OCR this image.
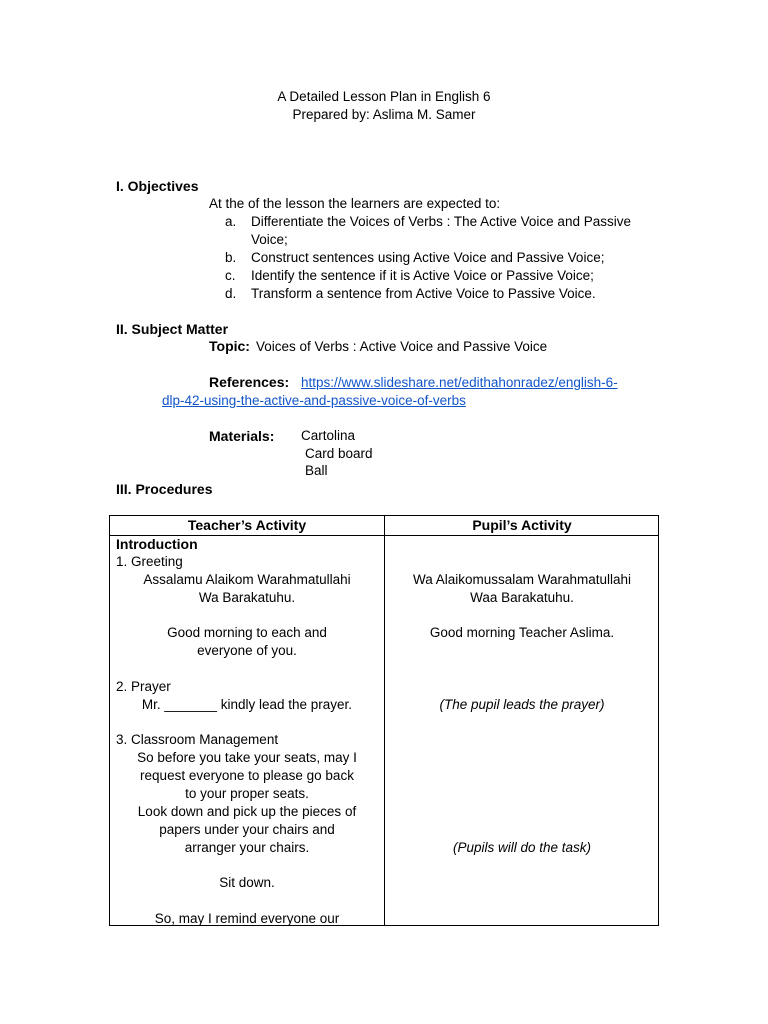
A Detailed Lesson Plan in English 6
Prepared by: Aslima M. Samer
I. Objectives
At the of the lesson the learners are expected to:
a. Differentiate the Voices of Verbs : The Active Voice and Passive
Voice;
b. Construct sentences using Active Voice and Passive Voice;
c. Identify the sentence if it is Active Voice or Passive Voice;
d. Transform a sentence from Active Voice to Passive Voice.
II. Subject Matter
Topic: Voices of Verbs : Active Voice and Passive Voice
References: https://www.slideshare.net/edithahonradez/english-6-
dlp-42-using-the-active-and-passive-voice-of-verbs
Materials: Cartolina
Card board
Ball
III. Procedures
Teacher’s Activity	Pupil’s Activity
Introduction
1. Greeting
Assalamu Alaikom Warahmatullahi
Wa Barakatuhu.
Good morning to each and
everyone of you.
2. Prayer
Mr. _______ kindly lead the prayer.
3. Classroom Management
So before you take your seats, may I
request everyone to please go back
to your proper seats.
Look down and pick up the pieces of
papers under your chairs and
arranger your chairs.
Sit down.
So, may I remind everyone our
Wa Alaikomussalam Warahmatullahi
Waa Barakatuhu.
Good morning Teacher Aslima.
(The pupil leads the prayer)
(Pupils will do the task)
